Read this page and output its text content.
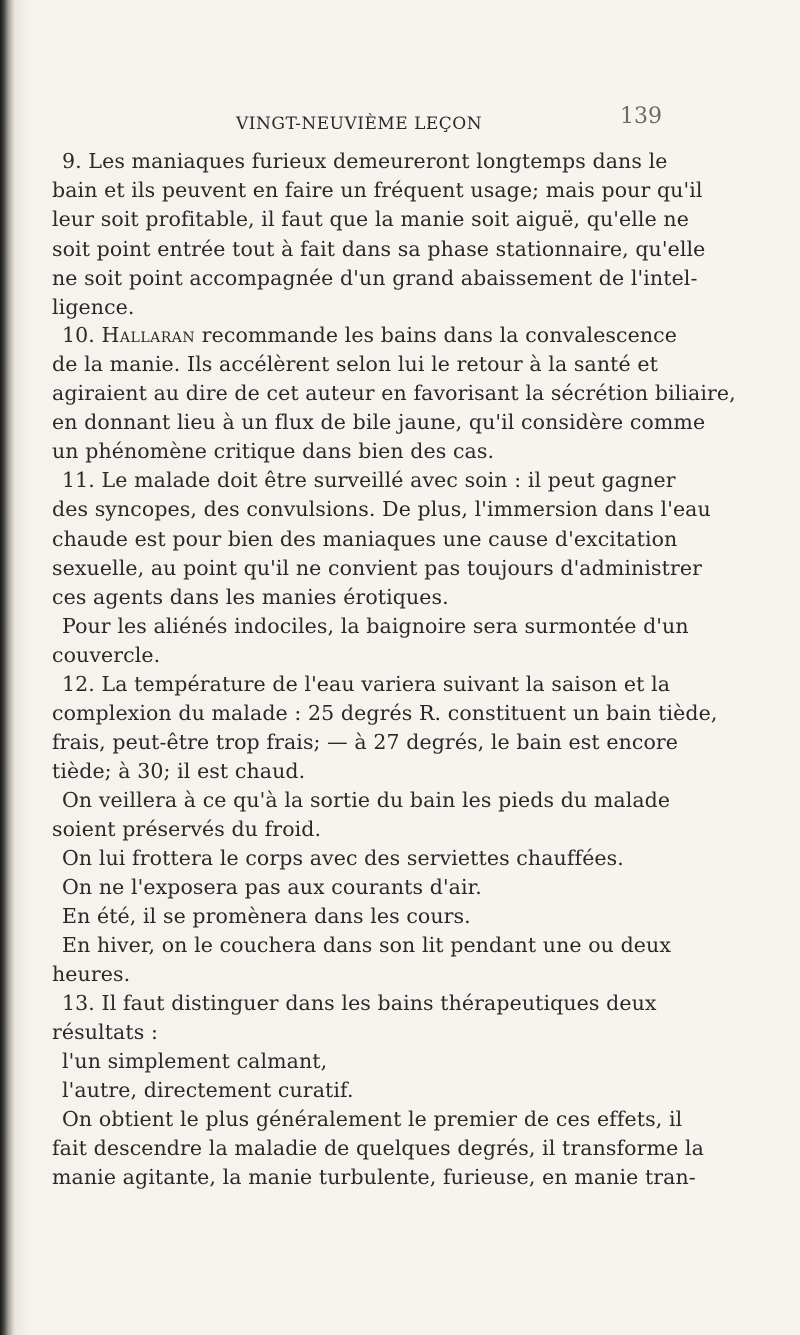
VINGT-NEUVIÈME LEÇON	139
9. Les maniaques furieux demeureront longtemps dans le
bain et ils peuvent en faire un fréquent usage; mais pour qu'il
leur soit profitable, il faut que la manie soit aiguë, qu'elle ne
soit point entrée tout à fait dans sa phase stationnaire, qu'elle
ne soit point accompagnée d'un grand abaissement de l'intel-
ligence.
10. Hallaran recommande les bains dans la convalescence
de la manie. Ils accélèrent selon lui le retour à la santé et
agiraient au dire de cet auteur en favorisant la sécrétion biliaire,
en donnant lieu à un flux de bile jaune, qu'il considère comme
un phénomène critique dans bien des cas.
11. Le malade doit être surveillé avec soin : il peut gagner
des syncopes, des convulsions. De plus, l'immersion dans l'eau
chaude est pour bien des maniaques une cause d'excitation
sexuelle, au point qu'il ne convient pas toujours d'administrer
ces agents dans les manies érotiques.
Pour les aliénés indociles, la baignoire sera surmontée d'un
couvercle.
12. La température de l'eau variera suivant la saison et la
complexion du malade : 25 degrés R. constituent un bain tiède,
frais, peut-être trop frais; — à 27 degrés, le bain est encore
tiède; à 30; il est chaud.
On veillera à ce qu'à la sortie du bain les pieds du malade
soient préservés du froid.
On lui frottera le corps avec des serviettes chauffées.
On ne l'exposera pas aux courants d'air.
En été, il se promènera dans les cours.
En hiver, on le couchera dans son lit pendant une ou deux
heures.
13. Il faut distinguer dans les bains thérapeutiques deux
résultats :
l'un simplement calmant,
l'autre, directement curatif.
On obtient le plus généralement le premier de ces effets, il
fait descendre la maladie de quelques degrés, il transforme la
manie agitante, la manie turbulente, furieuse, en manie tran-
